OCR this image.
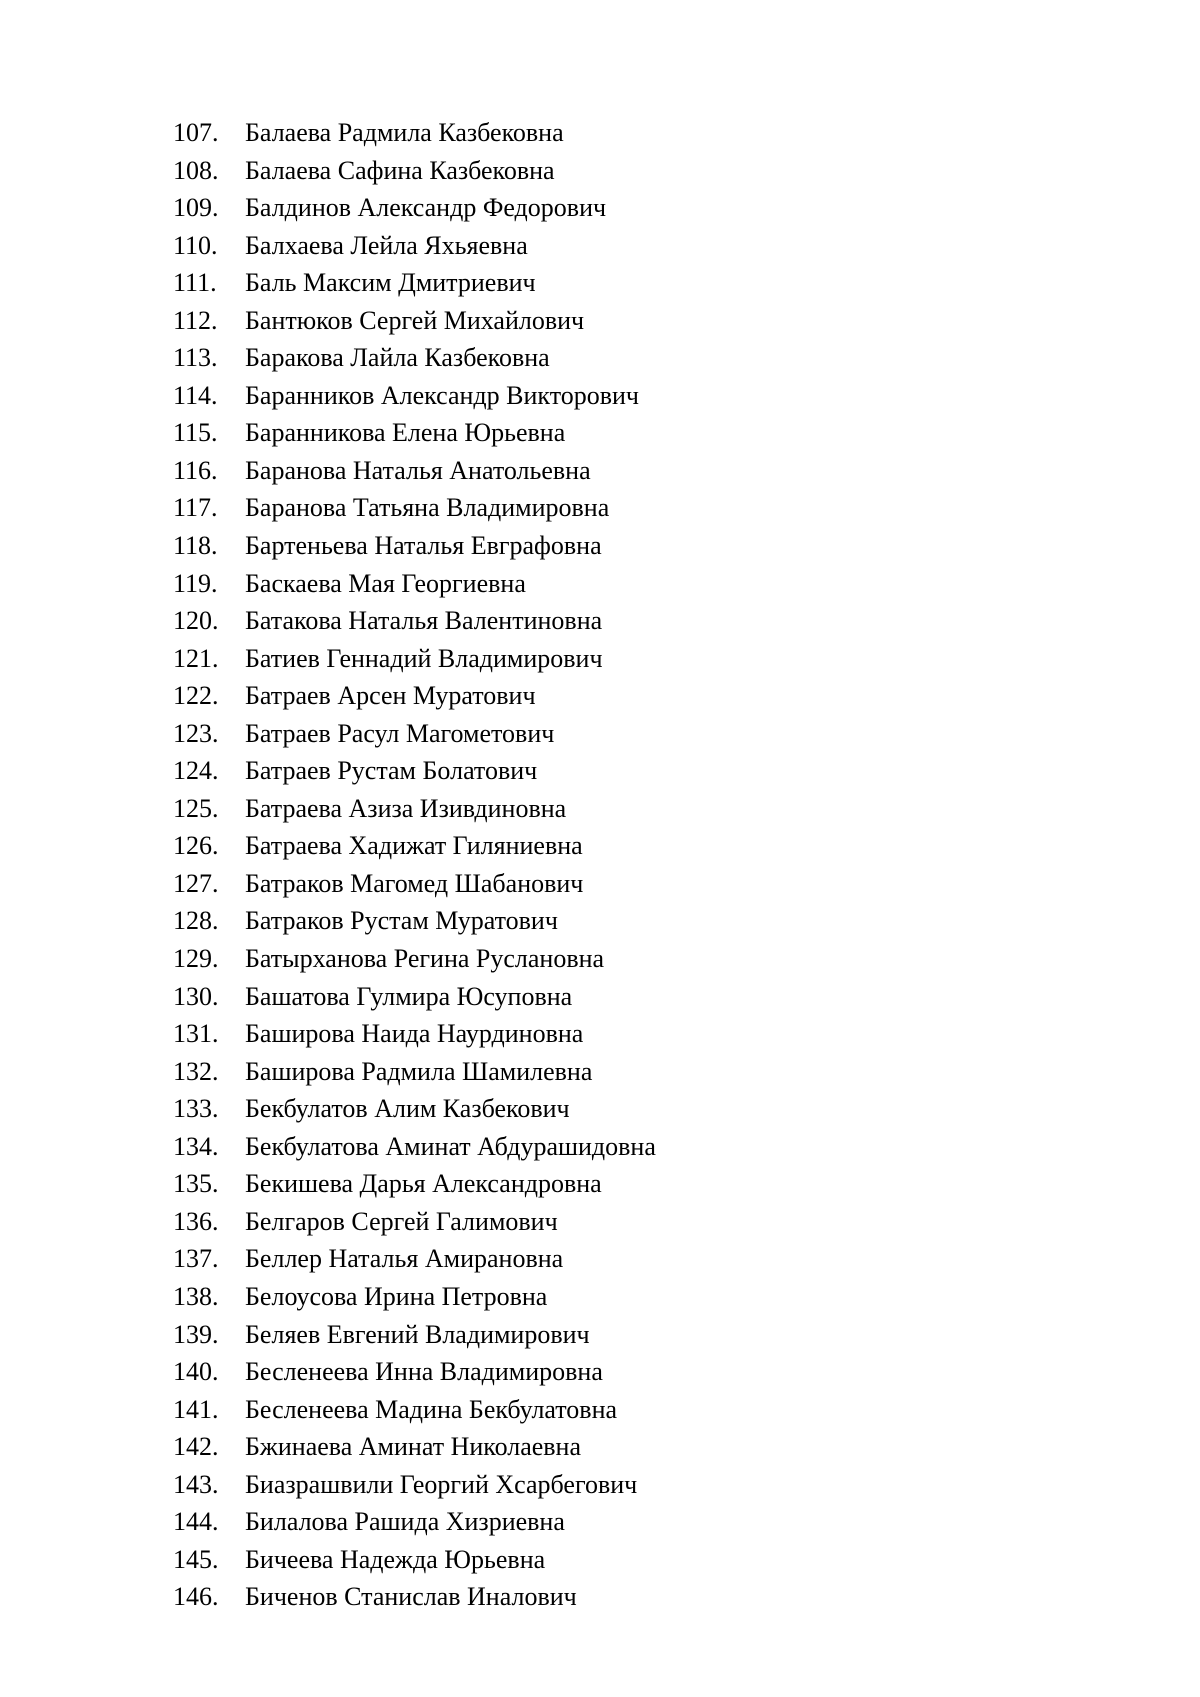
107. Балаева Радмила Казбековна
108. Балаева Сафина Казбековна
109. Балдинов Александр Федорович
110. Балхаева Лейла Яхьяевна
111.	Баль Максим Дмитриевич
112. Бантюков Сергей Михайлович
113. Баракова Лайла Казбековна
114. Баранников Александр Викторович
115. Баранникова Елена Юрьевна
116. Баранова Наталья Анатольевна
117. Баранова Татьяна Владимировна
118. Бартеньева Наталья Евграфовна
119. Баскаева Мая Георгиевна
120. Батакова Наталья Валентиновна
121. Батиев Геннадий Владимирович
122. Батраев Арсен Муратович
123. Батраев Расул Магометович
124. Батраев Рустам Болатович
125. Батраева Азиза Изивдиновна
126. Батраева Хадижат Гиляниевна
127. Батраков Магомед Шабанович
128. Батраков Рустам Муратович
129. Батырханова Регина Руслановна
130. Башатова Гулмира Юсуповна
131. Баширова Наида Наурдиновна
132. Баширова Радмила Шамилевна
133. Бекбулатов Алим Казбекович
134. Бекбулатова Аминат Абдурашидовна
135. Бекишева Дарья Александровна
136. Белгаров Сергей Галимович
137. Беллер Наталья Амирановна
138. Белоусова Ирина Петровна
139. Беляев Евгений Владимирович
140. Бесленеева Инна Владимировна
141. Бесленеева Мадина Бекбулатовна
142. Бжинаева Аминат Николаевна
143. Биазрашвили Георгий Хсарбегович
144. Билалова Рашида Хизриевна
145. Бичеева Надежда Юрьевна
146. Биченов Станислав Иналович
